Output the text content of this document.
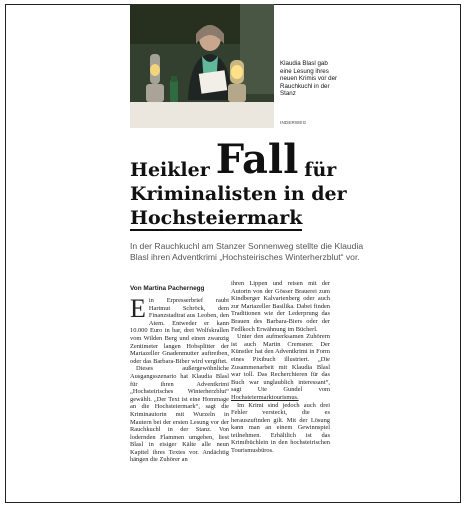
Klaudia Blasl gab eine Lesung ihres neuen Krimis vor der Rauchkuchl in der Stanz
INDERWEG
Heikler Fall für
Kriminalisten in der
Hochsteiermark
In der Rauchkuchl am Stanzer Sonnenweg stellte die Klaudia Blasl ihren Adventkrimi „Hochsteirisches Winterherzblut“ vor.
Von Martina Pachernegg

Ein Erpresserbrief raubt Hartmut Schröck, dem Finanzstadtrat aus Leoben, den Atem. Entweder er kann 10.000 Euro in bar, drei Wolfskrallen vom Wilden Berg und einen zwanzig Zentimeter langen Hobsplitter der Mariazeller Gnadenmutter auftreiben, oder das Barbara-Biber wird vergiftet.

Dieses außergewöhnliche Ausgangsszenario hat Klaudia Blasl für ihren Adventkrimi „Hochsteirisches Winterherzblut“ gewählt. „Der Text ist eine Hommage an die Hochsteiermark“, sagt die Kriminautorin mit Wurzeln in Mautern bei der ersten Lesung vor der Rauchkuchl in der Stanz. Von lodernden Flammen umgeben, liest Blasl in eisiger Kälte alle neun Kapitel ihres Textes vor. Andächtig hängen die Zuhörer an

ihren Lippen und reisen mit der Autorin von der Gösser Brauerei zum Kindberger Kalvarienberg oder auch zur Mariazeller Basilika. Dabei finden Traditionen wie der Lederprung das Brauen des Barbara-Biers oder der Fedlkoch Erwähnung im Bücherl.

Unter den aufmerksamen Zuhörern ist auch Martin Cremsner. Der Künstler hat den Adventkrimi in Form eines Pixibuch illustriert. „Die Zusammenarbeit mit Klaudia Blasl war toll. Das Recherchieren für das Buch war unglaublich interessant“, sagt Ute Gundel vom Hochsteiermarktourismus.

Im Krimi sind jedoch auch drei Fehler versteckt, die es herauszufinden gilt. Mit der Lösung kann man an einem Gewinnspiel teilnehmen. Erhältlich ist das Krimibüchlein in den hochsteirischen Tourismusbüros.
